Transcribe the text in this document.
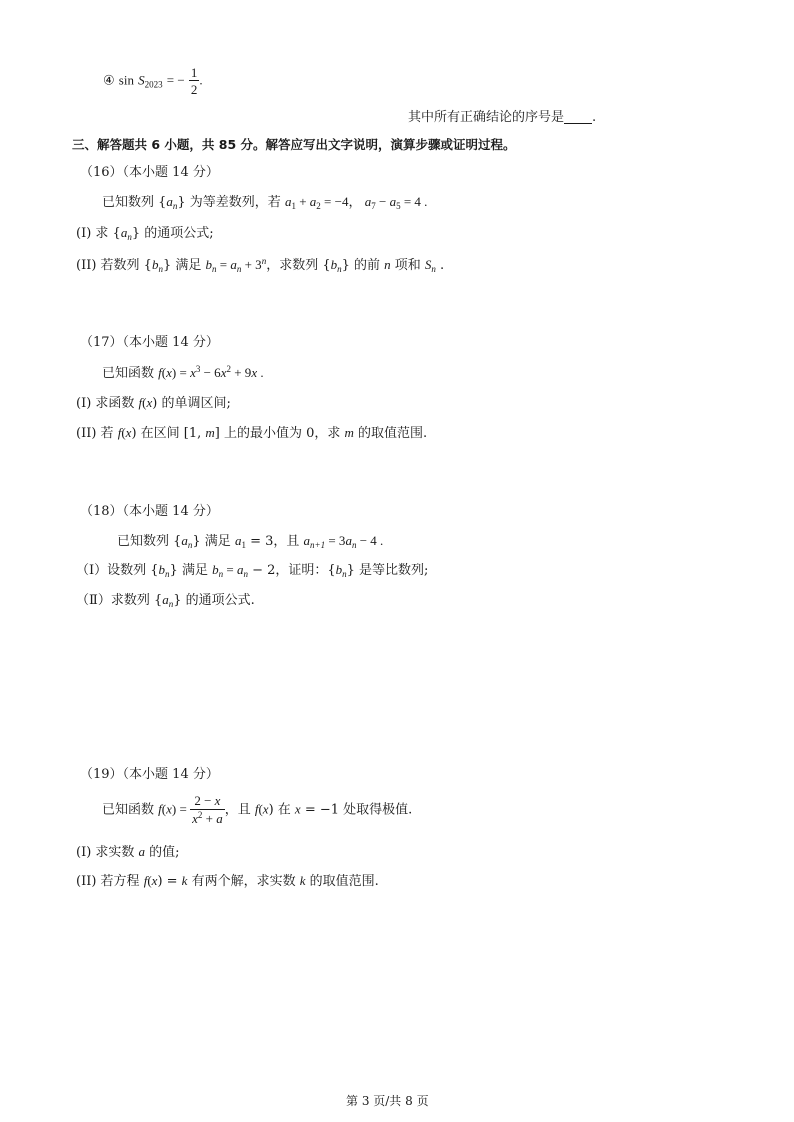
④ $\sin S_{2023}$ = − $\frac{1}{2}$ .
其中所有正确结论的序号是 .
三、解答题共 6 小题，共 85 分。解答应写出文字说明，演算步骤或证明过程。
（16）（本小题 14 分）
已知数列 $\{a_n\}$ 为等差数列，若 $a_1 + a_2 = -4$， $a_7 - a_5 = 4$ .
(I) 求 $\{a_n\}$ 的通项公式;
(II) 若数列 $\{b_n\}$ 满足 $b_n = a_n + 3^n$，求数列 $\{b_n\}$ 的前 n 项和 $S_n$ .
（17）（本小题 14 分）
已知函数 $f(x) = x^3 - 6x^2 + 9x$ .
(I) 求函数 f(x) 的单调区间;
(II) 若 f(x) 在区间 [1, m] 上的最小值为 0，求 m 的取值范围.
（18）（本小题 14 分）
已知数列 $\{a_n\}$ 满足 $a_1 = 3$，且 $a_{n+1} = 3a_n - 4$ .
（Ⅰ）设数列 $\{b_n\}$ 满足 $b_n = a_n - 2$，证明：$\{b_n\}$ 是等比数列;
（Ⅱ）求数列 $\{a_n\}$ 的通项公式.
（19）（本小题 14 分）
已知函数 $f(x) = \frac{2 - x}{x^2 + a}$ ，且 f(x) 在 x = −1 处取得极值.
(I) 求实数 a 的值;
(II) 若方程 f(x) = k 有两个解，求实数 k 的取值范围.
第 3 页/共 8 页
